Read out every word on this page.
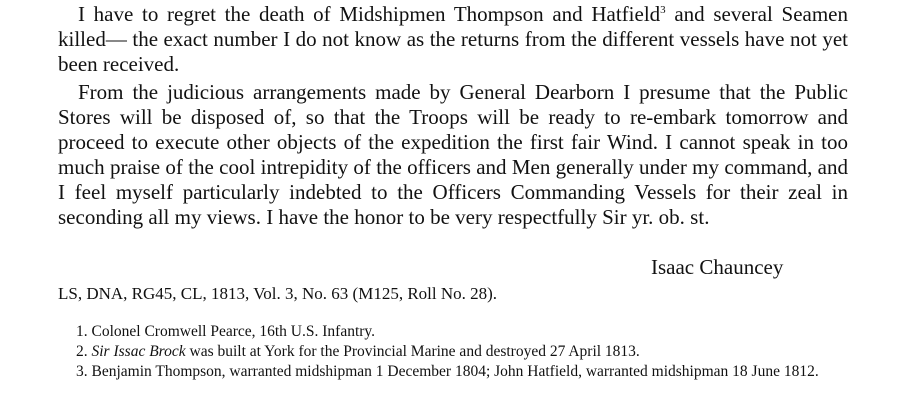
I have to regret the death of Midshipmen Thompson and Hatfield$^3$ and several Seamen killed— the exact number I do not know as the returns from the different vessels have not yet been received.

From the judicious arrangements made by General Dearborn I presume that the Public Stores will be disposed of, so that the Troops will be ready to re-embark tomorrow and proceed to execute other objects of the expedition the first fair Wind. I cannot speak in too much praise of the cool intrepidity of the officers and Men generally under my command, and I feel myself particularly indebted to the Officers Commanding Vessels for their zeal in seconding all my views. I have the honor to be very respectfully Sir yr. ob. st.

Isaac Chauncey
LS, DNA, RG45, CL, 1813, Vol. 3, No. 63 (M125, Roll No. 28).
1. Colonel Cromwell Pearce, 16th U.S. Infantry.
2. Sir Issac Brock was built at York for the Provincial Marine and destroyed 27 April 1813.
3. Benjamin Thompson, warranted midshipman 1 December 1804; John Hatfield, warranted midshipman 18 June 1812.
